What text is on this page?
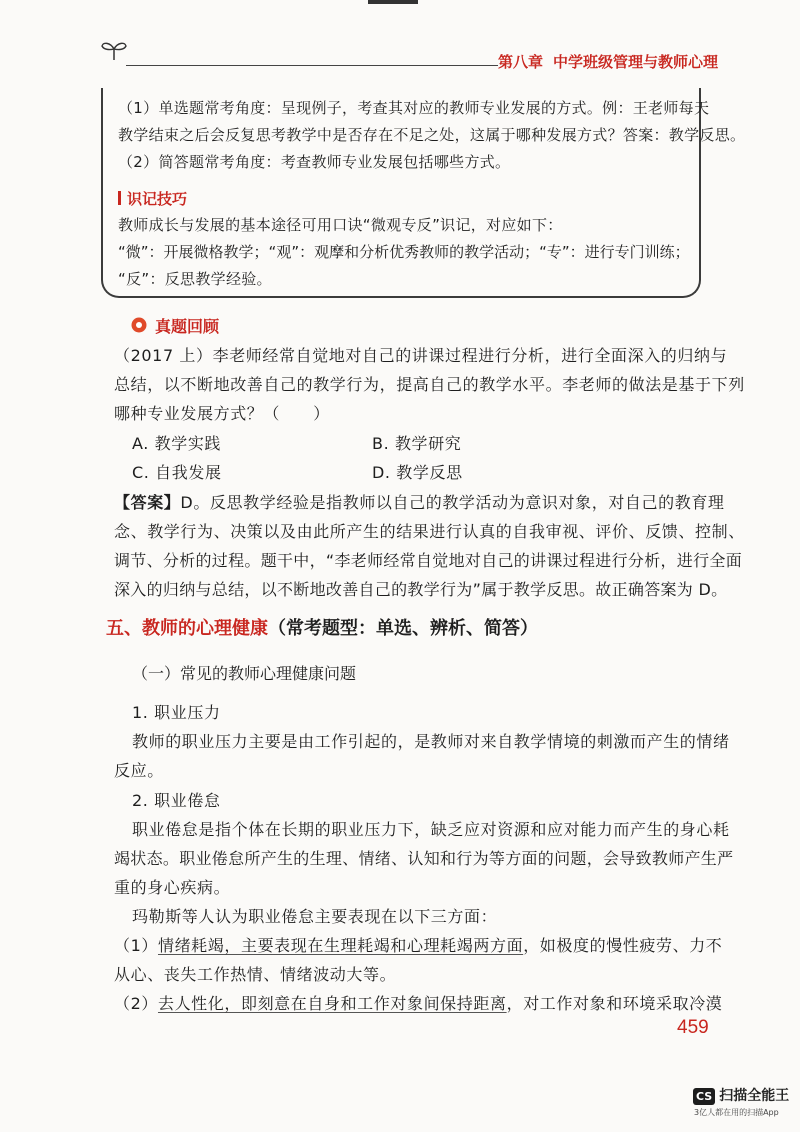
第八章 中学班级管理与教师心理
（1）单选题常考角度：呈现例子，考查其对应的教师专业发展的方式。例：王老师每天
教学结束之后会反复思考教学中是否存在不足之处，这属于哪种发展方式？答案：教学反思。
（2）简答题常考角度：考查教师专业发展包括哪些方式。
识记技巧
教师成长与发展的基本途径可用口诀“微观专反”识记，对应如下：
“微”：开展微格教学；“观”：观摩和分析优秀教师的教学活动；“专”：进行专门训练；
“反”：反思教学经验。
真题回顾
（2017 上）李老师经常自觉地对自己的讲课过程进行分析，进行全面深入的归纳与
总结，以不断地改善自己的教学行为，提高自己的教学水平。李老师的做法是基于下列
哪种专业发展方式？（　　）
A. 教学实践	B. 教学研究
C. 自我发展	D. 教学反思
【答案】D。反思教学经验是指教师以自己的教学活动为意识对象，对自己的教育理
念、教学行为、决策以及由此所产生的结果进行认真的自我审视、评价、反馈、控制、
调节、分析的过程。题干中，“李老师经常自觉地对自己的讲课过程进行分析，进行全面
深入的归纳与总结，以不断地改善自己的教学行为”属于教学反思。故正确答案为 D。
五、教师的心理健康（常考题型：单选、辨析、简答）
（一）常见的教师心理健康问题
1. 职业压力
教师的职业压力主要是由工作引起的，是教师对来自教学情境的刺激而产生的情绪
反应。
2. 职业倦怠
职业倦怠是指个体在长期的职业压力下，缺乏应对资源和应对能力而产生的身心耗
竭状态。职业倦怠所产生的生理、情绪、认知和行为等方面的问题，会导致教师产生严
重的身心疾病。
玛勒斯等人认为职业倦怠主要表现在以下三方面：
（1）情绪耗竭，主要表现在生理耗竭和心理耗竭两方面，如极度的慢性疲劳、力不
从心、丧失工作热情、情绪波动大等。
（2）去人性化，即刻意在自身和工作对象间保持距离，对工作对象和环境采取冷漠
459
CS 扫描全能王
3亿人都在用的扫描App
